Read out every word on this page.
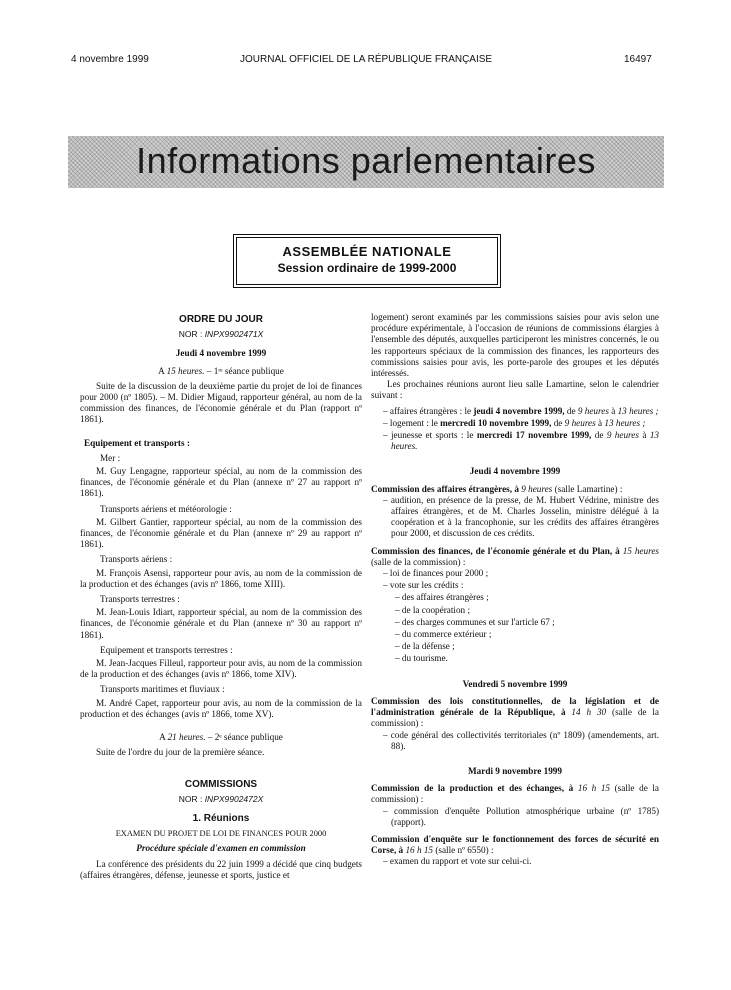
4 novembre 1999	JOURNAL OFFICIEL DE LA RÉPUBLIQUE FRANÇAISE	16497
Informations parlementaires
ASSEMBLÉE NATIONALE
Session ordinaire de 1999-2000
ORDRE DU JOUR
NOR : INPX9902471X
Jeudi 4 novembre 1999

A 15 heures. – 1ʳᵉ séance publique

Suite de la discussion de la deuxième partie du projet de loi de finances pour 2000 (nº 1805). – M. Didier Migaud, rapporteur général, au nom de la commission des finances, de l'économie générale et du Plan (rapport nº 1861).

Equipement et transports :

Mer :

M. Guy Lengagne, rapporteur spécial, au nom de la commission des finances, de l'économie générale et du Plan (annexe nº 27 au rapport nº 1861).

Transports aériens et météorologie :

M. Gilbert Gantier, rapporteur spécial, au nom de la commission des finances, de l'économie générale et du Plan (annexe nº 29 au rapport nº 1861).

Transports aériens :

M. François Asensi, rapporteur pour avis, au nom de la commission de la production et des échanges (avis nº 1866, tome XIII).

Transports terrestres :

M. Jean-Louis Idiart, rapporteur spécial, au nom de la commission des finances, de l'économie générale et du Plan (annexe nº 30 au rapport nº 1861).

Equipement et transports terrestres :

M. Jean-Jacques Filleul, rapporteur pour avis, au nom de la commission de la production et des échanges (avis nº 1866, tome XIV).

Transports maritimes et fluviaux :

M. André Capet, rapporteur pour avis, au nom de la commission de la production et des échanges (avis nº 1866, tome XV).

A 21 heures. – 2ᵉ séance publique

Suite de l'ordre du jour de la première séance.

COMMISSIONS
NOR : INPX9902472X
1. Réunions

EXAMEN DU PROJET DE LOI DE FINANCES POUR 2000

Procédure spéciale d'examen en commission

La conférence des présidents du 22 juin 1999 a décidé que cinq budgets (affaires étrangères, défense, jeunesse et sports, justice et

logement) seront examinés par les commissions saisies pour avis selon une procédure expérimentale, à l'occasion de réunions de commissions élargies à l'ensemble des députés, auxquelles participeront les ministres concernés, le ou les rapporteurs spéciaux de la commission des finances, les rapporteurs des commissions saisies pour avis, les porte-parole des groupes et les députés intéressés.

Les prochaines réunions auront lieu salle Lamartine, selon le calendrier suivant :

– affaires étrangères : le jeudi 4 novembre 1999, de 9 heures à 13 heures ;

– logement : le mercredi 10 novembre 1999, de 9 heures à 13 heures ;

– jeunesse et sports : le mercredi 17 novembre 1999, de 9 heures à 13 heures.

Jeudi 4 novembre 1999

Commission des affaires étrangères, à 9 heures (salle Lamartine) :

– audition, en présence de la presse, de M. Hubert Védrine, ministre des affaires étrangères, et de M. Charles Josselin, ministre délégué à la coopération et à la francophonie, sur les crédits des affaires étrangères pour 2000, et discussion de ces crédits.

Commission des finances, de l'économie générale et du Plan, à 15 heures (salle de la commission) :

– loi de finances pour 2000 ;

– vote sur les crédits :

– des affaires étrangères ;

– de la coopération ;

– des charges communes et sur l'article 67 ;

– du commerce extérieur ;

– de la défense ;

– du tourisme.

Vendredi 5 novembre 1999

Commission des lois constitutionnelles, de la législation et de l'administration générale de la République, à 14 h 30 (salle de la commission) :

– code général des collectivités territoriales (nº 1809) (amendements, art. 88).

Mardi 9 novembre 1999

Commission de la production et des échanges, à 16 h 15 (salle de la commission) :

– commission d'enquête Pollution atmosphérique urbaine (nº 1785) (rapport).

Commission d'enquête sur le fonctionnement des forces de sécurité en Corse, à 16 h 15 (salle nº 6550) :

– examen du rapport et vote sur celui-ci.
